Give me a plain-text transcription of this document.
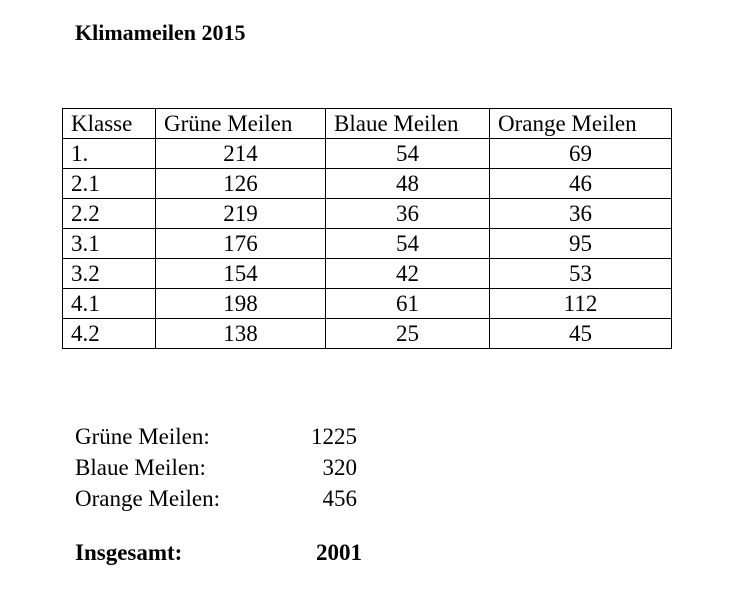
Klimameilen 2015
Klasse	Grüne Meilen	Blaue Meilen	Orange Meilen
1.	214	54	69
2.1	126	48	46
2.2	219	36	36
3.1	176	54	95
3.2	154	42	53
4.1	198	61	112
4.2	138	25	45
Grüne Meilen:	1225
Blaue Meilen:	320
Orange Meilen:	456
Insgesamt:	2001
